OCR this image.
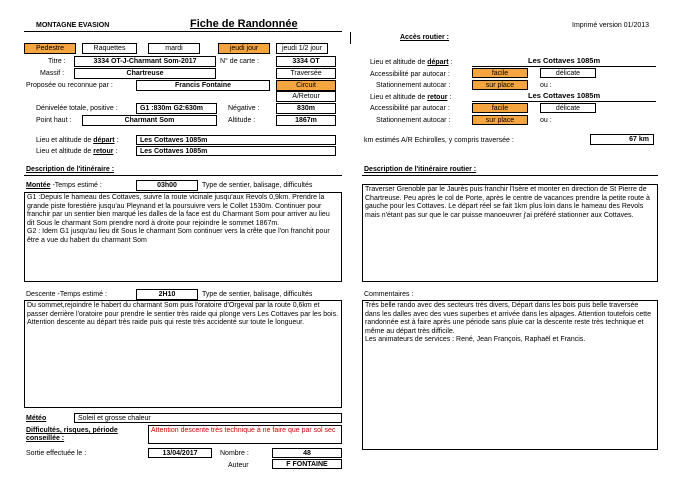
MONTAGNE EVASION	Fiche de Randonnée	Imprimé version 01/2013
Pedestre	Raquettes	mardi	jeudi jour	jeudi 1/2 jour
Titre :	3334 OT-J-Charmant Som-2017	N° de carte :	3334 OT
Massif :	Chartreuse	Traversée
Proposée ou reconnue par :	Francis Fontaine	Circuit
A/Retour
Dénivelée totale, positive :	G1 :830m G2:630m	Négative :	830m
Point haut :	Charmant Som	Altitude :	1867m
Lieu et altitude de départ :	Les Cottaves 1085m
Lieu et altitude de retour :	Les Cottaves 1085m
Accès routier :
Lieu et altitude de départ :	Les Cottaves 1085m
Accessibilité par autocar :	facile	délicate
Stationnement autocar :	sur place	ou :
Lieu et altitude de retour :	Les Cottaves 1085m
Accessibilité par autocar :	facile	délicate
Stationnement autocar :	sur place	ou :
km estimés A/R Echirolles, y compris traversée :	67 km
Description de l'itinéraire :	Description de l'itinéraire routier :
Montée -Temps estimé :	03h00	Type de sentier, balisage, difficultés
G1 :Depuis le hameau des Cottaves, suivre la route vicinale jusqu'aux Revols 0,9km. Prendre la grande piste forestière jusqu'au Pleynand et la poursuivre vers le Collet 1530m. Continuer pour franchir par un sentier bien marqué les dalles de la face est du Charmant Som pour arriver au lieu dit Sous le charmant Som prendre nord à droite pour rejoindre le sommet 1867m.
G2 : Idem G1 jusqu'au lieu dit Sous le charmant Som continuer vers la crête que l'on franchit pour être a vue du habert du charmant Som
Traverser Grenoble par le Jaurès puis franchir l'Isère et monter en direction de St Pierre de Chartreuse. Peu après le col de Porte, après le centre de vacances prendre la petite route à gauche pour les Cottaves. Le départ réel se fait 1km plus loin dans le hameau des Revols mais n'étant pas sur que le car puisse manoeuvrer j'ai préféré stationner aux Cottaves.
Descente -Temps estimé :	2H10	Type de sentier, balisage, difficultés
Du sommet,rejoindre le habert du charmant Som puis l'oratoire d'Orgeval par la route 0,6km et passer derrière l'oratoire pour prendre le sentier très raide qui plonge vers Les Cottaves par les bois. Attention descente au départ très raide puis qui reste très accidenté sur toute le longueur.
Commentaires :
Très belle rando avec des secteurs très divers, Départ dans les bois puis belle traversée dans les dalles avec des vues superbes et arrivée dans les alpages. Attention toutefois cette randonnée est à faire après une période sans pluie car la descente reste très technique et même au départ très difficile.
Les animateurs de services : René, Jean François, Raphaël et Francis.
Météo	Soleil et grosse chaleur
Difficultés, risques, période conseillée :
Attention descente très technique à ne faire que par sol sec
Sortie effectuée le :	13/04/2017	Nombre :	48
Auteur	F FONTAINE
